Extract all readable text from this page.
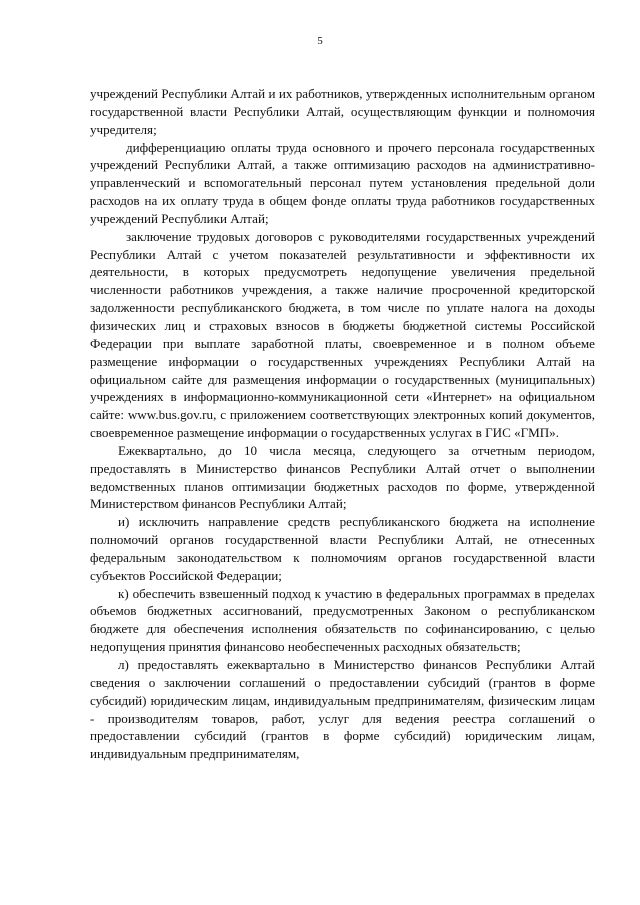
5

учреждений Республики Алтай и их работников, утвержденных исполнительным органом государственной власти Республики Алтай, осуществляющим функции и полномочия учредителя;

дифференциацию оплаты труда основного и прочего персонала государственных учреждений Республики Алтай, а также оптимизацию расходов на административно-управленческий и вспомогательный персонал путем установления предельной доли расходов на их оплату труда в общем фонде оплаты труда работников государственных учреждений Республики Алтай;

заключение трудовых договоров с руководителями государственных учреждений Республики Алтай с учетом показателей результативности и эффективности их деятельности, в которых предусмотреть недопущение увеличения предельной численности работников учреждения, а также наличие просроченной кредиторской задолженности республиканского бюджета, в том числе по уплате налога на доходы физических лиц и страховых взносов в бюджеты бюджетной системы Российской Федерации при выплате заработной платы, своевременное и в полном объеме размещение информации о государственных учреждениях Республики Алтай на официальном сайте для размещения информации о государственных (муниципальных) учреждениях в информационно-коммуникационной сети «Интернет» на официальном сайте: www.bus.gov.ru, с приложением соответствующих электронных копий документов, своевременное размещение информации о государственных услугах в ГИС «ГМП».

Ежеквартально, до 10 числа месяца, следующего за отчетным периодом, предоставлять в Министерство финансов Республики Алтай отчет о выполнении ведомственных планов оптимизации бюджетных расходов по форме, утвержденной Министерством финансов Республики Алтай;

и) исключить направление средств республиканского бюджета на исполнение полномочий органов государственной власти Республики Алтай, не отнесенных федеральным законодательством к полномочиям органов государственной власти субъектов Российской Федерации;

к) обеспечить взвешенный подход к участию в федеральных программах в пределах объемов бюджетных ассигнований, предусмотренных Законом о республиканском бюджете для обеспечения исполнения обязательств по софинансированию, с целью недопущения принятия финансово необеспеченных расходных обязательств;

л) предоставлять ежеквартально в Министерство финансов Республики Алтай сведения о заключении соглашений о предоставлении субсидий (грантов в форме субсидий) юридическим лицам, индивидуальным предпринимателям, физическим лицам - производителям товаров, работ, услуг для ведения реестра соглашений о предоставлении субсидий (грантов в форме субсидий) юридическим лицам, индивидуальным предпринимателям,
